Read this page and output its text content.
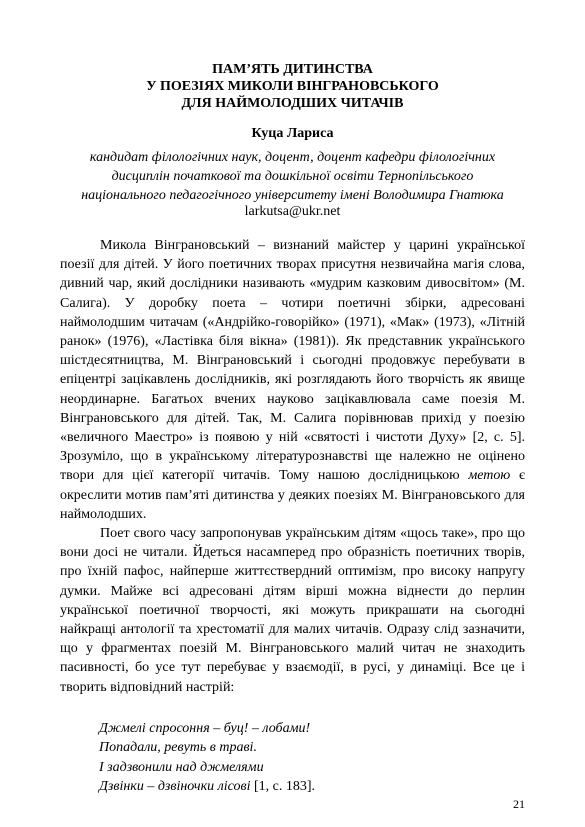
ПАМ’ЯТЬ ДИТИНСТВА
У ПОЕЗІЯХ МИКОЛИ ВІНГРАНОВСЬКОГО
ДЛЯ НАЙМОЛОДШИХ ЧИТАЧІВ
Куца Лариса
кандидат філологічних наук, доцент, доцент кафедри філологічних
дисциплін початкової та дошкільної освіти Тернопільського
національного педагогічного університету імені Володимира Гнатюка
larkutsa@ukr.net

Микола Вінграновський – визнаний майстер у царині української поезії для дітей. У його поетичних творах присутня незвичайна магія слова, дивний чар, який дослідники називають «мудрим казковим дивосвітом» (М. Салига). У доробку поета – чотири поетичні збірки, адресовані наймолодшим читачам («Андрійко-говорійко» (1971), «Мак» (1973), «Літній ранок» (1976), «Ластівка біля вікна» (1981)). Як представник українського шістдесятництва, М. Вінграновський і сьогодні продовжує перебувати в епіцентрі зацікавлень дослідників, які розглядають його творчість як явище неординарне. Багатьох вчених науково зацікавлювала саме поезія М. Вінграновського для дітей. Так, М. Салига порівнював прихід у поезію «величного Маестро» із появою у ній «святості і чистоти Духу» [2, с. 5]. Зрозуміло, що в українському літературознавстві ще належно не оцінено твори для цієї категорії читачів. Тому нашою дослідницькою метою є окреслити мотив пам’яті дитинства у деяких поезіях М. Вінграновського для наймолодших.

Поет свого часу запропонував українським дітям «щось таке», про що вони досі не читали. Йдеться насамперед про образність поетичних творів, про їхній пафос, найперше життєствердний оптимізм, про високу напругу думки. Майже всі адресовані дітям вірші можна віднести до перлин української поетичної творчості, які можуть прикрашати на сьогодні найкращі антології та хрестоматії для малих читачів. Одразу слід зазначити, що у фрагментах поезій М. Вінграновського малий читач не знаходить пасивності, бо усе тут перебуває у взаємодії, в русі, у динаміці. Все це і творить відповідний настрій:

Джмелі спросоння – буц! – лобами!
Попадали, ревуть в траві.
І задзвонили над джмелями
Дзвінки – дзвіночки лісові [1, с. 183].
21
